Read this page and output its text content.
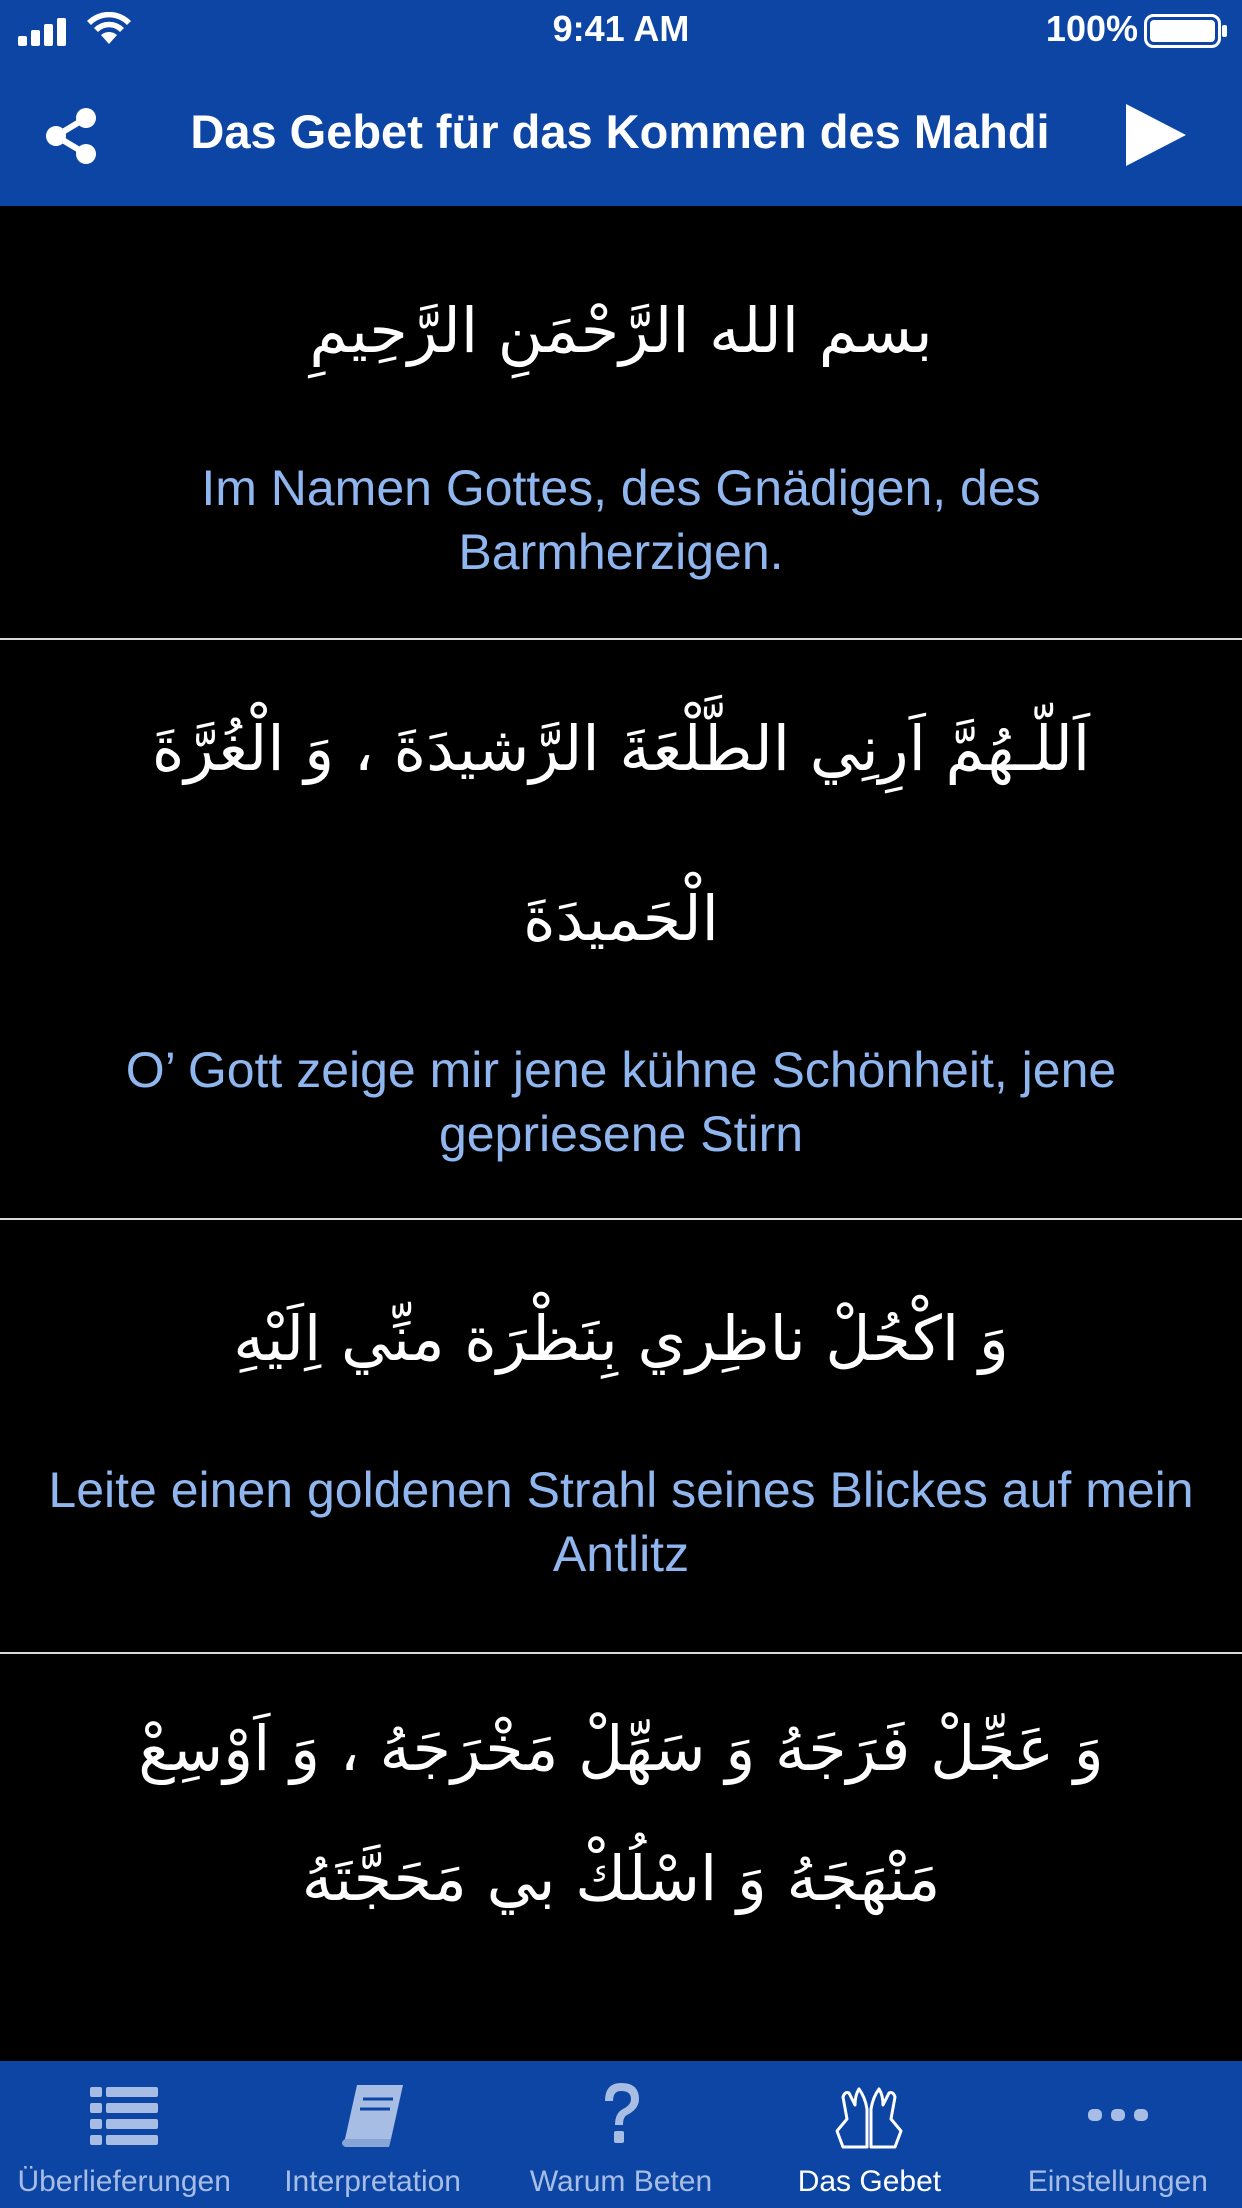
9:41 AM	100%
Das Gebet für das Kommen des Mahdi
بسم الله الرَّحْمَنِ الرَّحِيمِ
Im Namen Gottes, des Gnädigen, des Barmherzigen.
اَللّـهُمَّ اَرِنِي الطَّلْعَةَ الرَّشيدَةَ ، وَ الْغُرَّةَ الْحَميدَةَ
O’ Gott zeige mir jene kühne Schönheit, jene gepriesene Stirn
وَ اكْحُلْ ناظِري بِنَظْرَة منِّي اِلَيْهِ
Leite einen goldenen Strahl seines Blickes auf mein Antlitz
وَ عَجِّلْ فَرَجَهُ وَ سَهِّلْ مَخْرَجَهُ ، وَ اَوْسِعْ مَنْهَجَهُ وَ اسْلُكْ بي مَحَجَّتَهُ
Überlieferungen	Interpretation	Warum Beten	Das Gebet	Einstellungen
